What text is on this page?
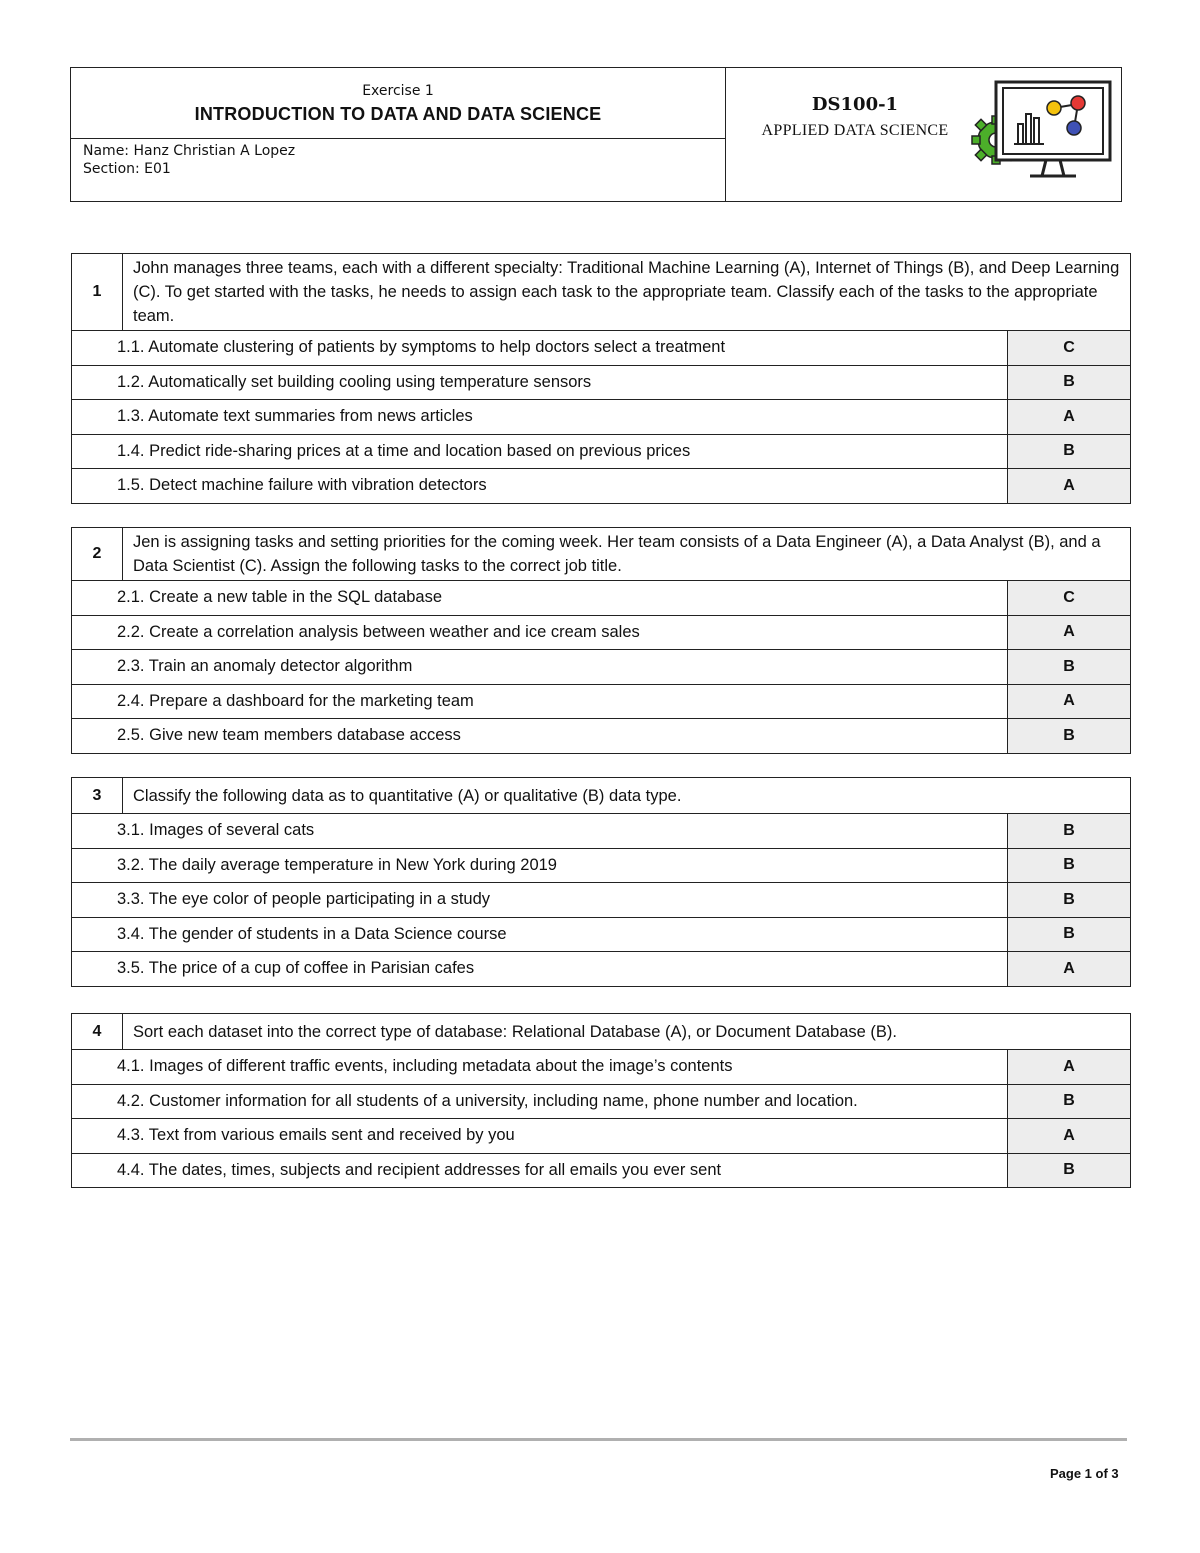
Exercise 1
INTRODUCTION TO DATA AND DATA SCIENCE
Name: Hanz Christian A Lopez
Section: E01
DS100-1
APPLIED DATA SCIENCE
1	John manages three teams, each with a different specialty: Traditional Machine Learning (A), Internet of Things (B), and Deep Learning (C). To get started with the tasks, he needs to assign each task to the appropriate team. Classify each of the tasks to the appropriate team.	
1.1. Automate clustering of patients by symptoms to help doctors select a treatment		C
1.2. Automatically set building cooling using temperature sensors		B
1.3. Automate text summaries from news articles		A
1.4. Predict ride-sharing prices at a time and location based on previous prices		B
1.5. Detect machine failure with vibration detectors		A
2	Jen is assigning tasks and setting priorities for the coming week. Her team consists of a Data Engineer (A), a Data Analyst (B), and a Data Scientist (C). Assign the following tasks to the correct job title.	
2.1. Create a new table in the SQL database		C
2.2. Create a correlation analysis between weather and ice cream sales		A
2.3. Train an anomaly detector algorithm		B
2.4. Prepare a dashboard for the marketing team		A
2.5. Give new team members database access		B
3	Classify the following data as to quantitative (A) or qualitative (B) data type.	
3.1. Images of several cats		B
3.2. The daily average temperature in New York during 2019		B
3.3. The eye color of people participating in a study		B
3.4. The gender of students in a Data Science course		B
3.5. The price of a cup of coffee in Parisian cafes		A
4	Sort each dataset into the correct type of database: Relational Database (A), or Document Database (B).	
4.1. Images of different traffic events, including metadata about the image’s contents		A
4.2. Customer information for all students of a university, including name, phone number and location.		B
4.3. Text from various emails sent and received by you		A
4.4. The dates, times, subjects and recipient addresses for all emails you ever sent		B
Page 1 of 3
